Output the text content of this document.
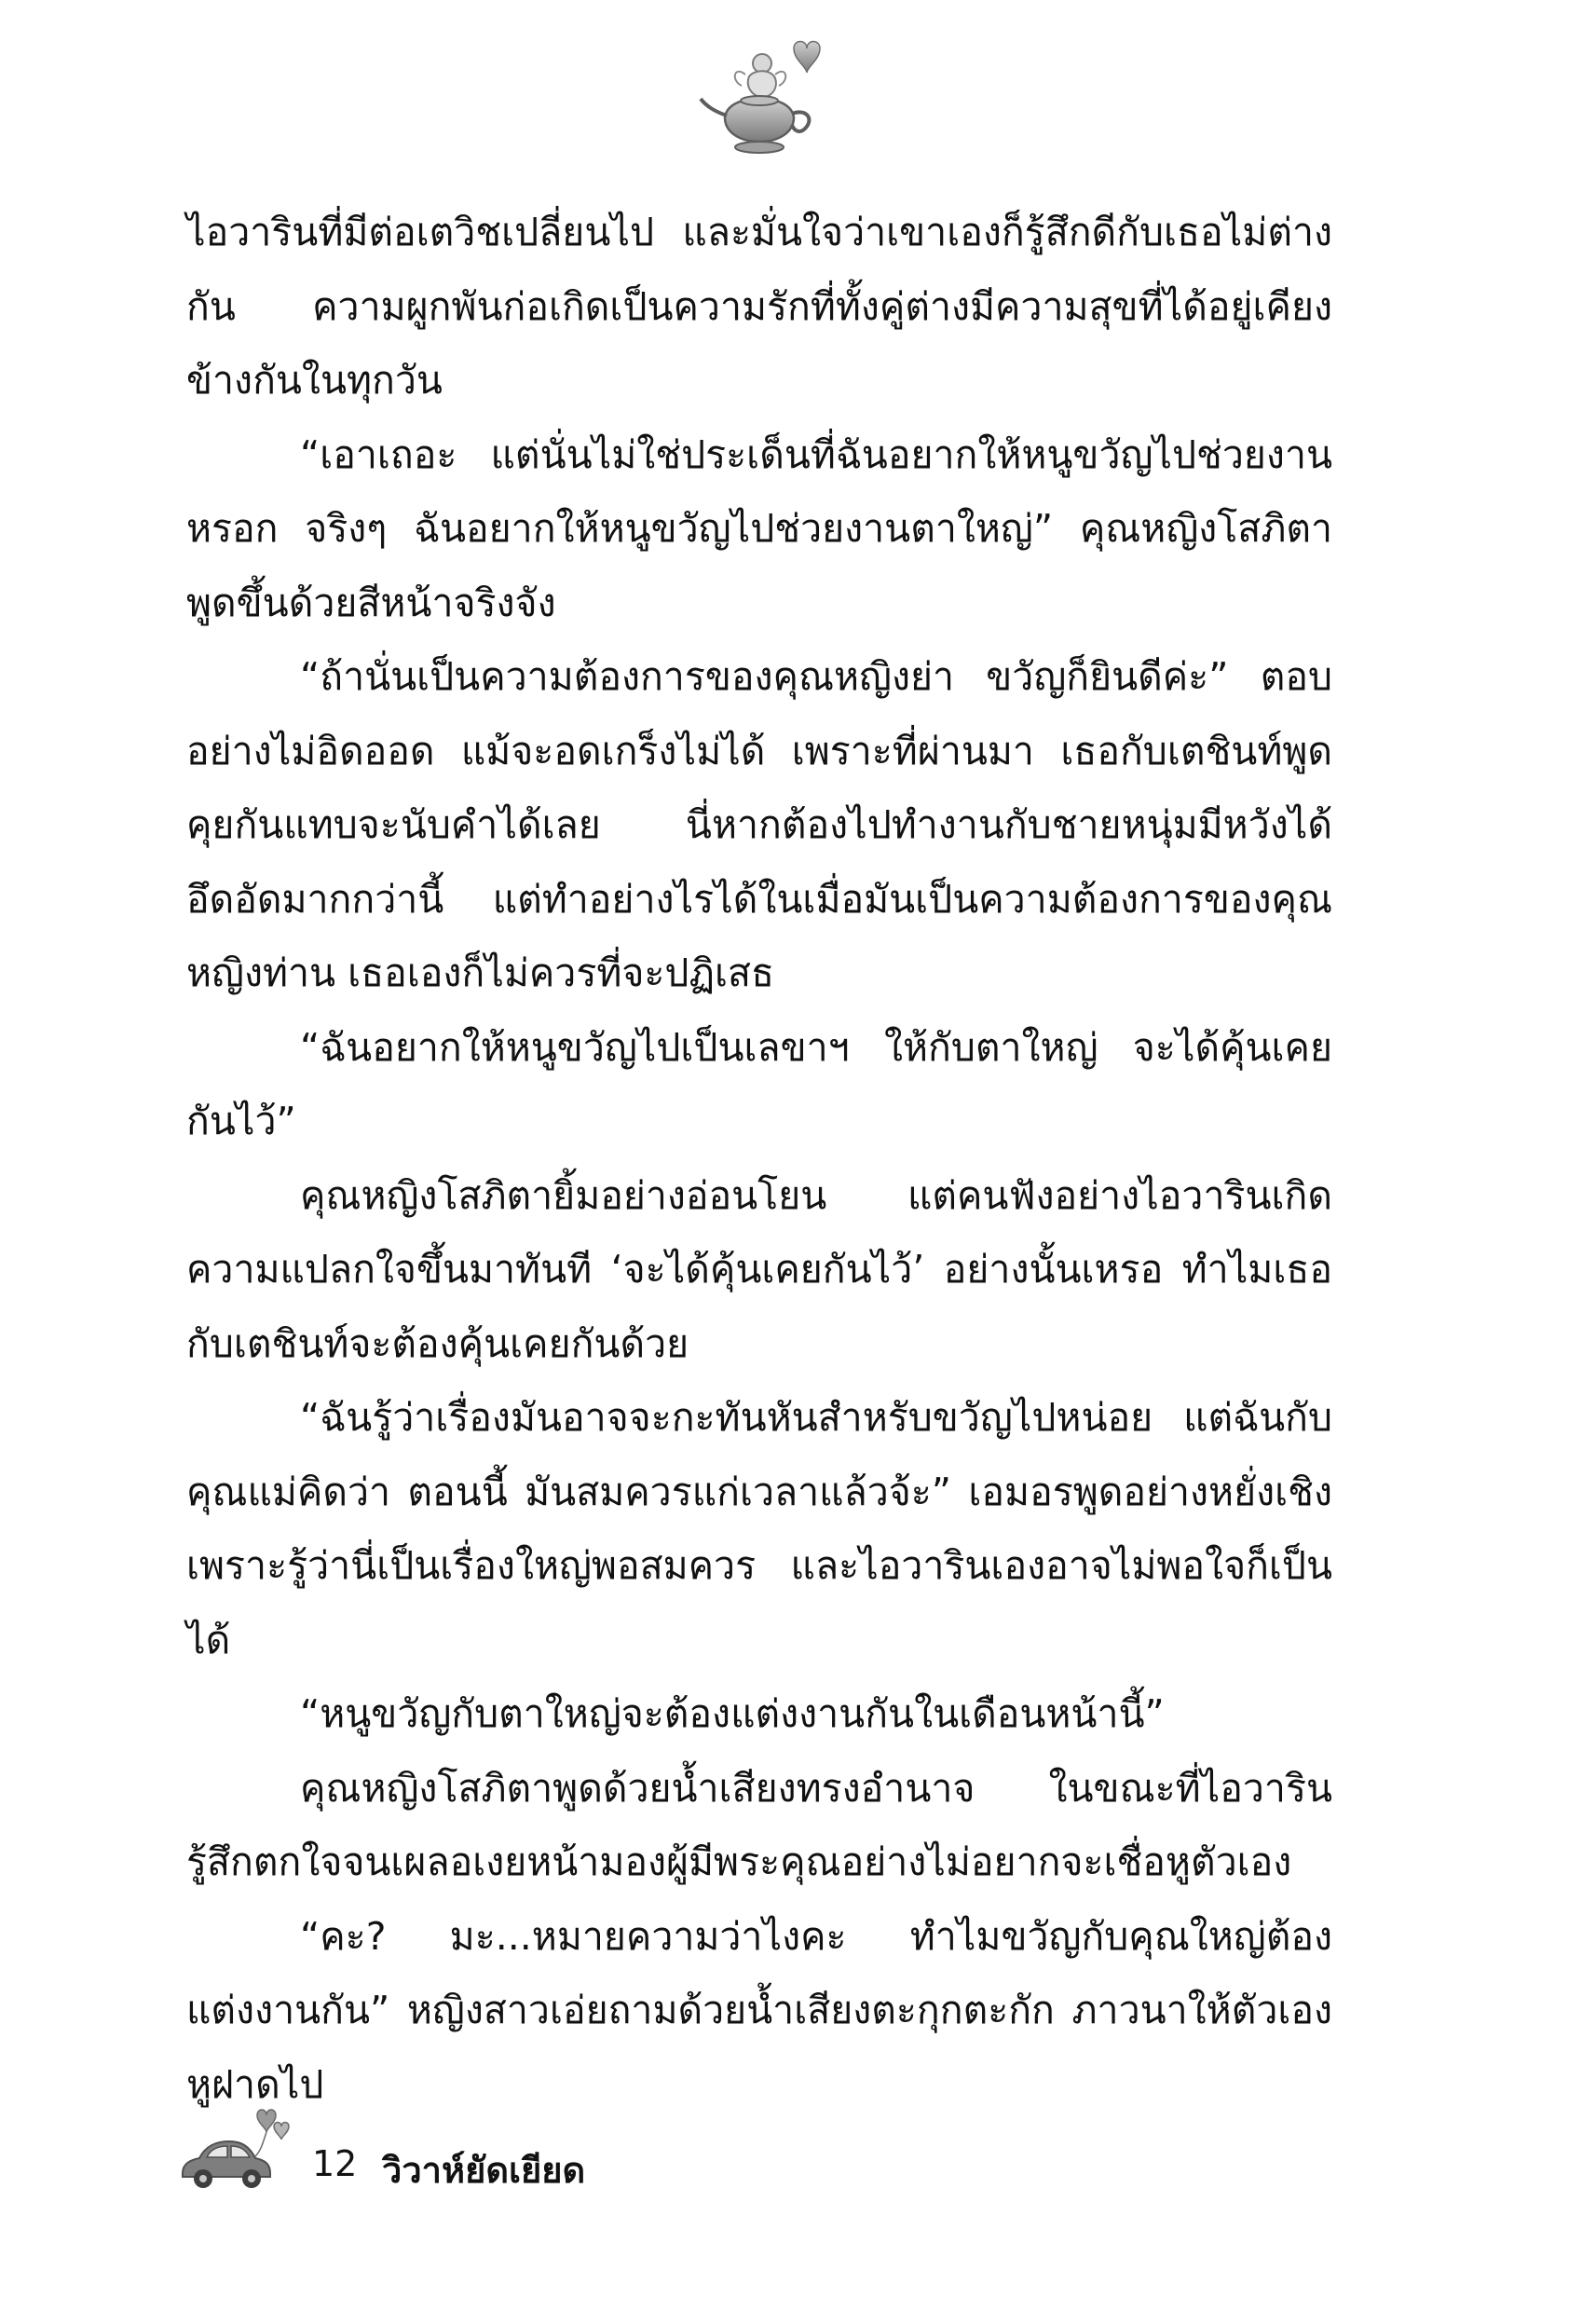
ไอวารินที่มีต่อเตวิชเปลี่ยนไป และมั่นใจว่าเขาเองก็รู้สึกดีกับเธอไม่ต่างกัน ความผูกพันก่อเกิดเป็นความรักที่ทั้งคู่ต่างมีความสุขที่ได้อยู่เคียงข้างกันในทุกวัน

“เอาเถอะ แต่นั่นไม่ใช่ประเด็นที่ฉันอยากให้หนูขวัญไปช่วยงานหรอก จริงๆ ฉันอยากให้หนูขวัญไปช่วยงานตาใหญ่” คุณหญิงโสภิตาพูดขึ้นด้วยสีหน้าจริงจัง

“ถ้านั่นเป็นความต้องการของคุณหญิงย่า ขวัญก็ยินดีค่ะ” ตอบอย่างไม่อิดออด แม้จะอดเกร็งไม่ได้ เพราะที่ผ่านมา เธอกับเตชินท์พูดคุยกันแทบจะนับคำได้เลย นี่หากต้องไปทำงานกับชายหนุ่มมีหวังได้อึดอัดมากกว่านี้ แต่ทำอย่างไรได้ในเมื่อมันเป็นความต้องการของคุณหญิงท่าน เธอเองก็ไม่ควรที่จะปฏิเสธ

“ฉันอยากให้หนูขวัญไปเป็นเลขาฯ ให้กับตาใหญ่ จะได้คุ้นเคยกันไว้”

คุณหญิงโสภิตายิ้มอย่างอ่อนโยน แต่คนฟังอย่างไอวารินเกิดความแปลกใจขึ้นมาทันที ‘จะได้คุ้นเคยกันไว้’ อย่างนั้นเหรอ ทำไมเธอกับเตชินท์จะต้องคุ้นเคยกันด้วย

“ฉันรู้ว่าเรื่องมันอาจจะกะทันหันสำหรับขวัญไปหน่อย แต่ฉันกับคุณแม่คิดว่า ตอนนี้ มันสมควรแก่เวลาแล้วจ้ะ” เอมอรพูดอย่างหยั่งเชิง เพราะรู้ว่านี่เป็นเรื่องใหญ่พอสมควร และไอวารินเองอาจไม่พอใจก็เป็นได้

“หนูขวัญกับตาใหญ่จะต้องแต่งงานกันในเดือนหน้านี้”

คุณหญิงโสภิตาพูดด้วยน้ำเสียงทรงอำนาจ ในขณะที่ไอวารินรู้สึกตกใจจนเผลอเงยหน้ามองผู้มีพระคุณอย่างไม่อยากจะเชื่อหูตัวเอง

“คะ? มะ...หมายความว่าไงคะ ทำไมขวัญกับคุณใหญ่ต้องแต่งงานกัน” หญิงสาวเอ่ยถามด้วยน้ำเสียงตะกุกตะกัก ภาวนาให้ตัวเองหูฝาดไป

12 วิวาห์ยัดเยียด
